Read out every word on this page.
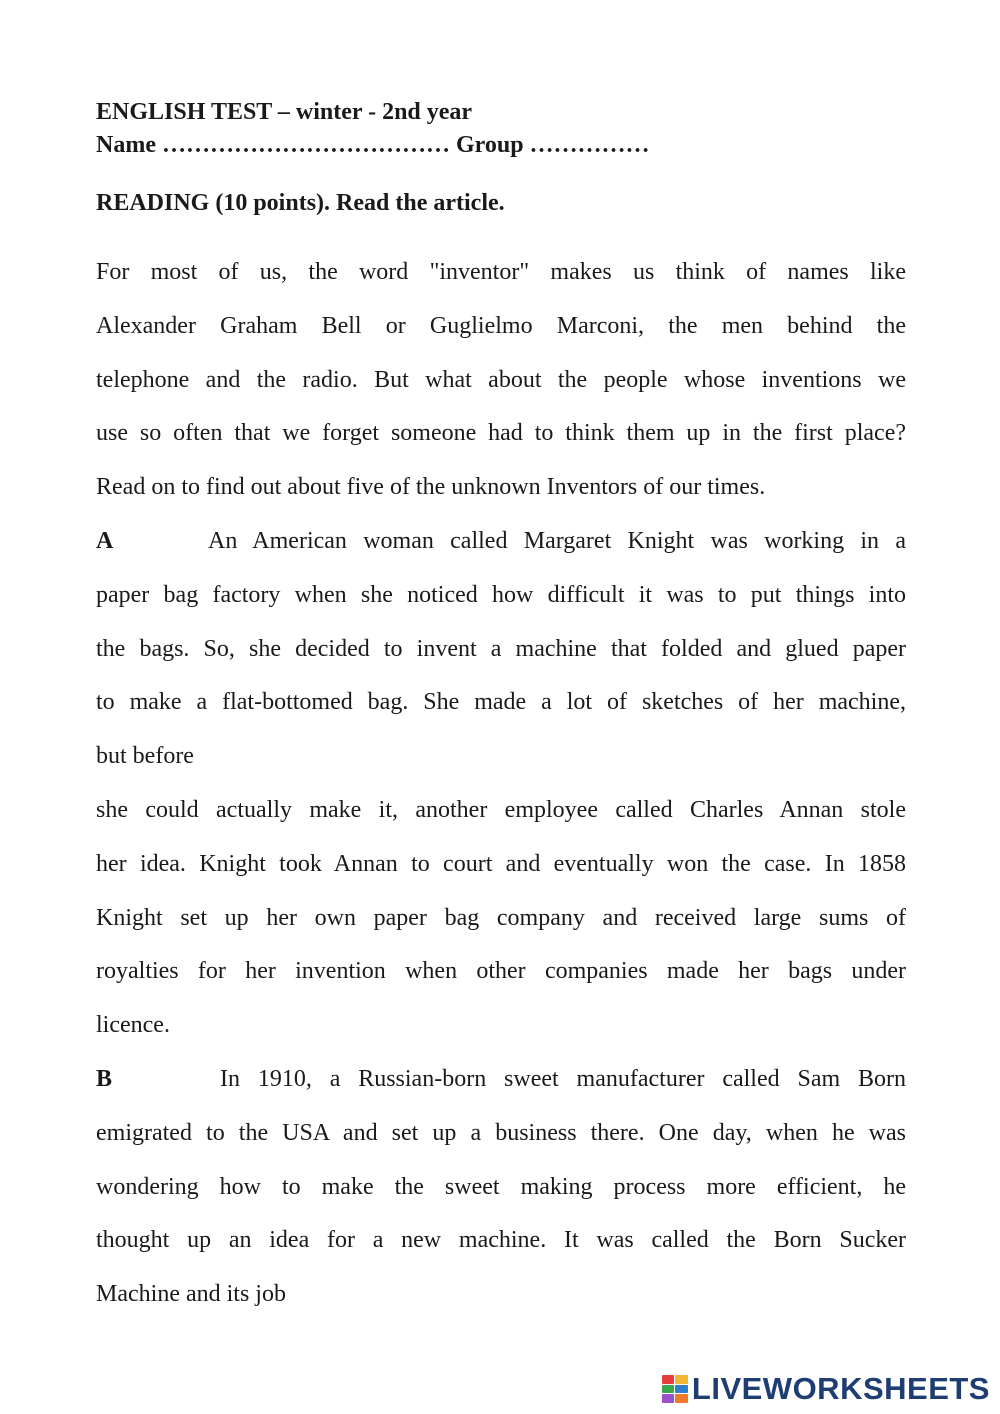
ENGLISH TEST – winter - 2nd year

Name ……………………………… Group ……………

READING (10 points). Read the article.

For most of us, the word "inventor" makes us think of names like
Alexander Graham Bell or Guglielmo Marconi, the men behind the
telephone and the radio. But what about the people whose inventions we
use so often that we forget someone had to think them up in the first place?
Read on to find out about five of the unknown Inventors of our times.
A	An American woman called Margaret Knight was working in a
paper bag factory when she noticed how difficult it was to put things into
the bags. So, she decided to invent a machine that folded and glued paper
to make a flat-bottomed bag. She made a lot of sketches of her machine,
but before
she could actually make it, another employee called Charles Annan stole
her idea. Knight took Annan to court and eventually won the case. In 1858
Knight set up her own paper bag company and received large sums of
royalties for her invention when other companies made her bags under
licence.
B	In 1910, a Russian-born sweet manufacturer called Sam Born
emigrated to the USA and set up a business there. One day, when he was
wondering how to make the sweet making process more efficient, he
thought up an idea for a new machine. It was called the Born Sucker
Machine and its job
LIVEWORKSHEETS
